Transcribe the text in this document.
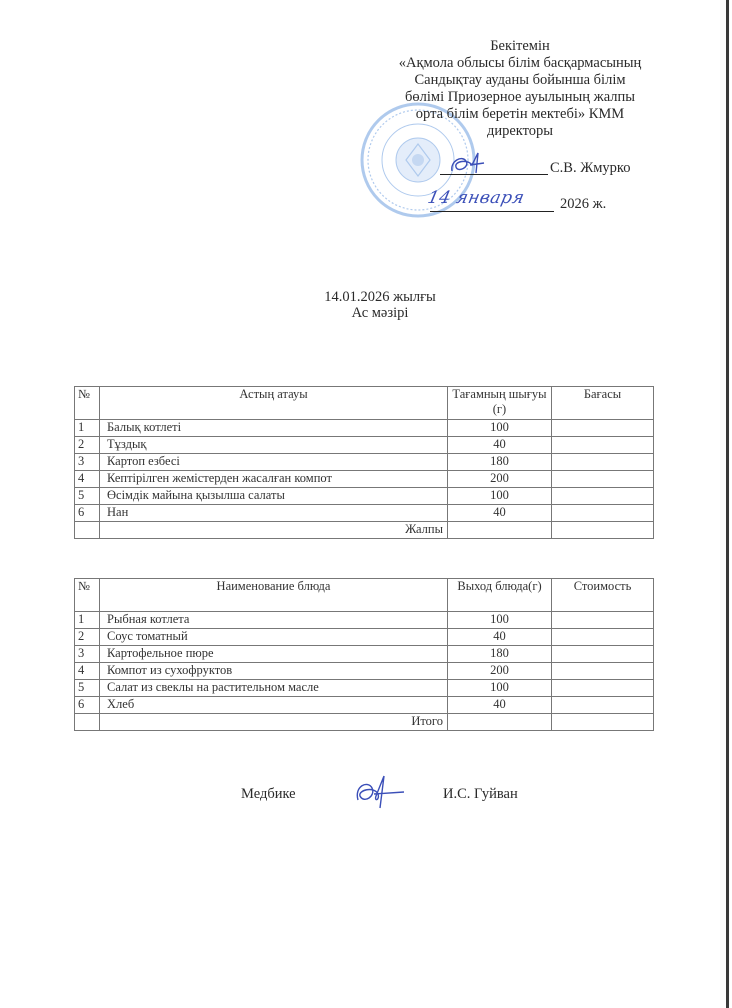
Бекітемін
«Ақмола облысы білім басқармасының
Сандықтау ауданы бойынша білім
бөлімі Приозерное ауылының жалпы
орта білім беретін мектебі» КММ
директоры
С.В. Жмурко
14 января 2026 ж.
14.01.2026 жылғы
Ас мәзірі
№	Астың атауы	Тағамның шығуы (г)	Бағасы
1	Балық котлеті	100	
2	Тұздық	40	
3	Картоп езбесі	180	
4	Кептірілген жемістерден жасалған компот	200	
5	Өсімдік майына қызылша салаты	100	
6	Нан	40	
	Жалпы		
№	Наименование блюда	Выход блюда(г)	Стоимость
1	Рыбная котлета	100	
2	Соус томатный	40	
3	Картофельное пюре	180	
4	Компот из сухофруктов	200	
5	Салат из свеклы на растительном масле	100	
6	Хлеб	40	
	Итого		
Медбике	И.С. Гуйван
